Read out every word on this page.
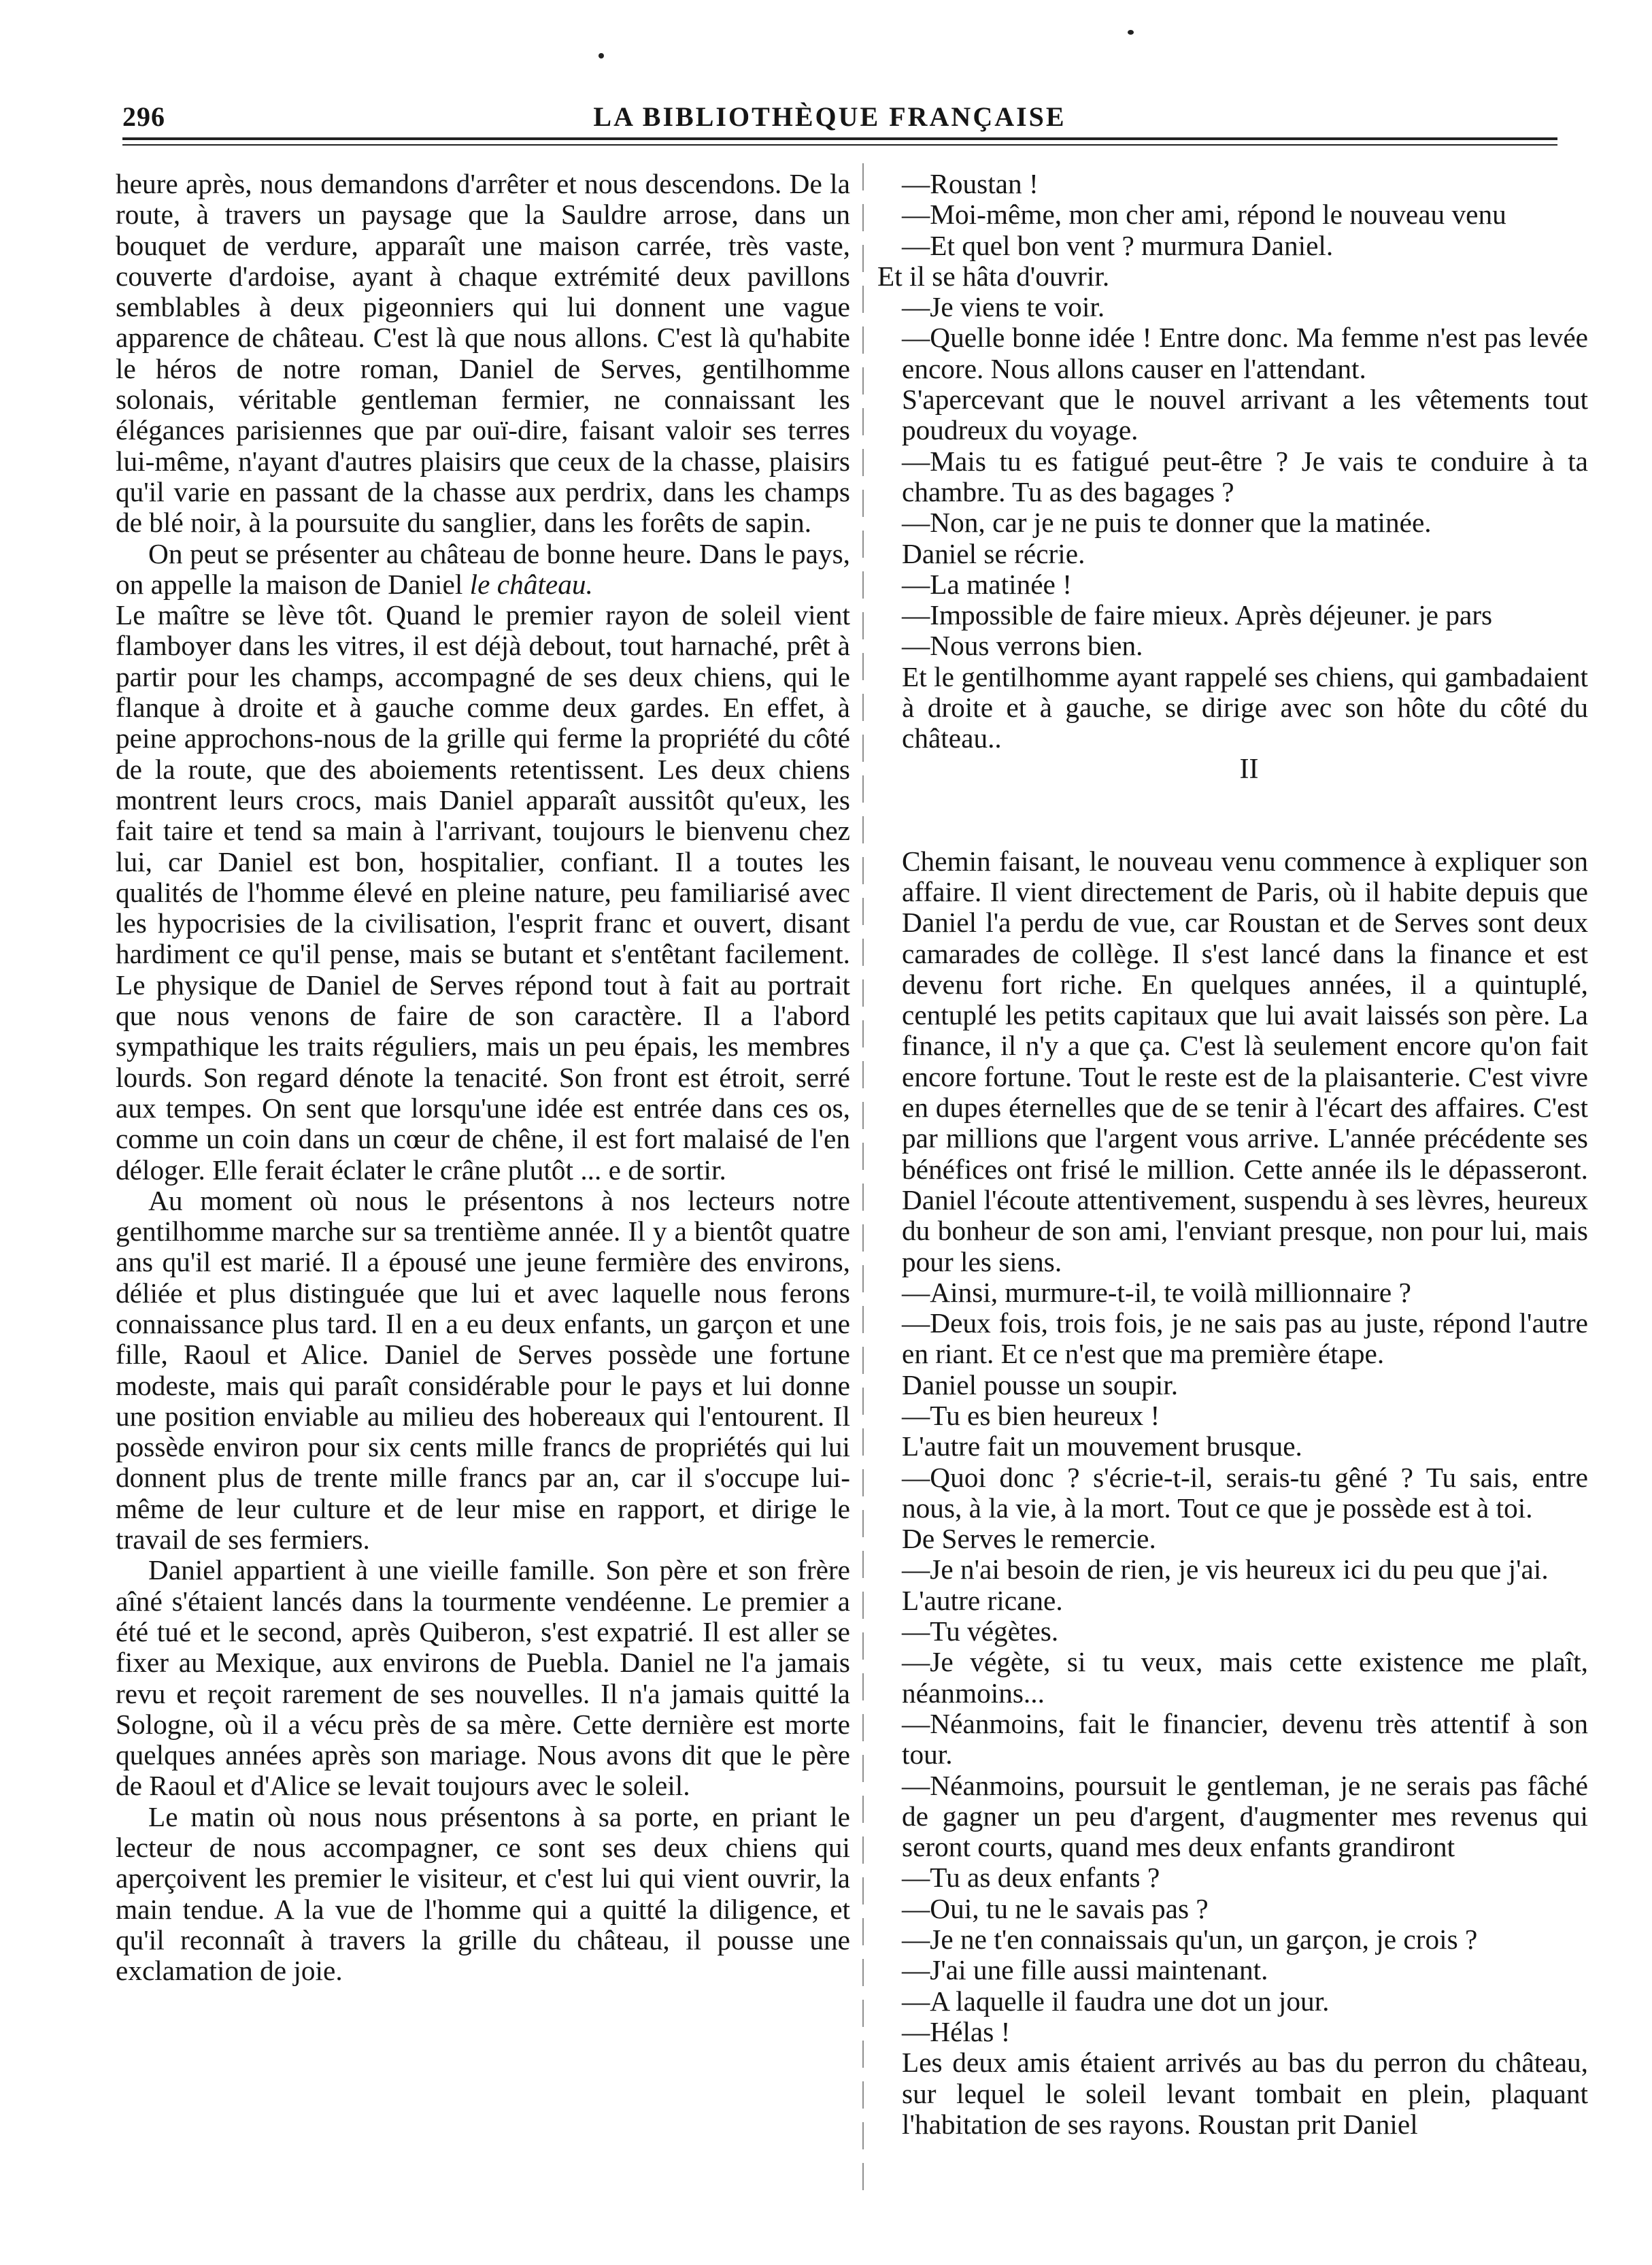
296	LA BIBLIOTHÈQUE FRANÇAISE

heure après, nous demandons d'arrêter et nous descendons. De la route, à travers un paysage que la Sauldre arrose, dans un bouquet de verdure, apparaît une maison carrée, très vaste, couverte d'ardoise, ayant à chaque extrémité deux pavillons semblables à deux pigeonniers qui lui donnent une vague apparence de château. C'est là que nous allons. C'est là qu'habite le héros de notre roman, Daniel de Serves, gentilhomme solonais, véritable gentleman fermier, ne connaissant les élégances parisiennes que par ouï-dire, faisant valoir ses terres lui-même, n'ayant d'autres plaisirs que ceux de la chasse, plaisirs qu'il varie en passant de la chasse aux perdrix, dans les champs de blé noir, à la poursuite du sanglier, dans les forêts de sapin.

On peut se présenter au château de bonne heure. Dans le pays, on appelle la maison de Daniel le château.

Le maître se lève tôt. Quand le premier rayon de soleil vient flamboyer dans les vitres, il est déjà debout, tout harnaché, prêt à partir pour les champs, accompagné de ses deux chiens, qui le flanque à droite et à gauche comme deux gardes. En effet, à peine approchons-nous de la grille qui ferme la propriété du côté de la route, que des aboiements retentissent. Les deux chiens montrent leurs crocs, mais Daniel apparaît aussitôt qu'eux, les fait taire et tend sa main à l'arrivant, toujours le bienvenu chez lui, car Daniel est bon, hospitalier, confiant. Il a toutes les qualités de l'homme élevé en pleine nature, peu familiarisé avec les hypocrisies de la civilisation, l'esprit franc et ouvert, disant hardiment ce qu'il pense, mais se butant et s'entêtant facilement. Le physique de Daniel de Serves répond tout à fait au portrait que nous venons de faire de son caractère. Il a l'abord sympathique les traits réguliers, mais un peu épais, les membres lourds. Son regard dénote la tenacité. Son front est étroit, serré aux tempes. On sent que lorsqu'une idée est entrée dans ces os, comme un coin dans un cœur de chêne, il est fort malaisé de l'en déloger. Elle ferait éclater le crâne plutôt ... e de sortir.

Au moment où nous le présentons à nos lecteurs notre gentilhomme marche sur sa trentième année. Il y a bientôt quatre ans qu'il est marié. Il a épousé une jeune fermière des environs, déliée et plus distinguée que lui et avec laquelle nous ferons connaissance plus tard. Il en a eu deux enfants, un garçon et une fille, Raoul et Alice. Daniel de Serves possède une fortune modeste, mais qui paraît considérable pour le pays et lui donne une position enviable au milieu des hobereaux qui l'entourent. Il possède environ pour six cents mille francs de propriétés qui lui donnent plus de trente mille francs par an, car il s'occupe lui-même de leur culture et de leur mise en rapport, et dirige le travail de ses fermiers.

Daniel appartient à une vieille famille. Son père et son frère aîné s'étaient lancés dans la tourmente vendéenne. Le premier a été tué et le second, après Quiberon, s'est expatrié. Il est aller se fixer au Mexique, aux environs de Puebla. Daniel ne l'a jamais revu et reçoit rarement de ses nouvelles. Il n'a jamais quitté la Sologne, où il a vécu près de sa mère. Cette dernière est morte quelques années après son mariage. Nous avons dit que le père de Raoul et d'Alice se levait toujours avec le soleil.

Le matin où nous nous présentons à sa porte, en priant le lecteur de nous accompagner, ce sont ses deux chiens qui aperçoivent les premier le visiteur, et c'est lui qui vient ouvrir, la main tendue. A la vue de l'homme qui a quitté la diligence, et qu'il reconnaît à travers la grille du château, il pousse une exclamation de joie.

—Roustan !

—Moi-même, mon cher ami, répond le nouveau venu

—Et quel bon vent ? murmura Daniel.

Et il se hâta d'ouvrir.

—Je viens te voir.

—Quelle bonne idée ! Entre donc. Ma femme n'est pas levée encore. Nous allons causer en l'attendant.

S'apercevant que le nouvel arrivant a les vêtements tout poudreux du voyage.

—Mais tu es fatigué peut-être ? Je vais te conduire à ta chambre. Tu as des bagages ?

—Non, car je ne puis te donner que la matinée.

Daniel se récrie.

—La matinée !

—Impossible de faire mieux. Après déjeuner. je pars

—Nous verrons bien.

Et le gentilhomme ayant rappelé ses chiens, qui gambadaient à droite et à gauche, se dirige avec son hôte du côté du château..

II

Chemin faisant, le nouveau venu commence à expliquer son affaire. Il vient directement de Paris, où il habite depuis que Daniel l'a perdu de vue, car Roustan et de Serves sont deux camarades de collège. Il s'est lancé dans la finance et est devenu fort riche. En quelques années, il a quintuplé, centuplé les petits capitaux que lui avait laissés son père. La finance, il n'y a que ça. C'est là seulement encore qu'on fait encore fortune. Tout le reste est de la plaisanterie. C'est vivre en dupes éternelles que de se tenir à l'écart des affaires. C'est par millions que l'argent vous arrive. L'année précédente ses bénéfices ont frisé le million. Cette année ils le dépasseront. Daniel l'écoute attentivement, suspendu à ses lèvres, heureux du bonheur de son ami, l'enviant presque, non pour lui, mais pour les siens.

—Ainsi, murmure-t-il, te voilà millionnaire ?

—Deux fois, trois fois, je ne sais pas au juste, répond l'autre en riant. Et ce n'est que ma première étape.

Daniel pousse un soupir.

—Tu es bien heureux !

L'autre fait un mouvement brusque.

—Quoi donc ? s'écrie-t-il, serais-tu gêné ? Tu sais, entre nous, à la vie, à la mort. Tout ce que je possède est à toi.

De Serves le remercie.

—Je n'ai besoin de rien, je vis heureux ici du peu que j'ai.

L'autre ricane.

—Tu végètes.

—Je végète, si tu veux, mais cette existence me plaît, néanmoins...

—Néanmoins, fait le financier, devenu très attentif à son tour.

—Néanmoins, poursuit le gentleman, je ne serais pas fâché de gagner un peu d'argent, d'augmenter mes revenus qui seront courts, quand mes deux enfants grandiront

—Tu as deux enfants ?

—Oui, tu ne le savais pas ?

—Je ne t'en connaissais qu'un, un garçon, je crois ?

—J'ai une fille aussi maintenant.

—A laquelle il faudra une dot un jour.

—Hélas !

Les deux amis étaient arrivés au bas du perron du château, sur lequel le soleil levant tombait en plein, plaquant l'habitation de ses rayons. Roustan prit Daniel
